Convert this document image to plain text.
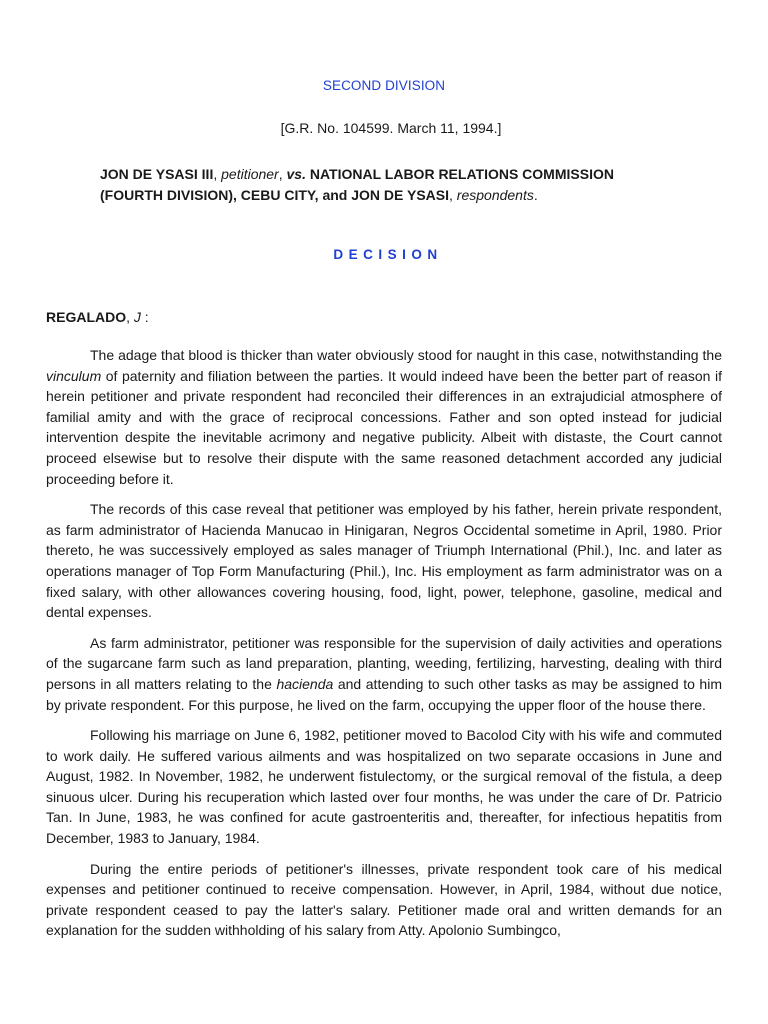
SECOND DIVISION
[G.R. No. 104599. March 11, 1994.]
JON DE YSASI III, petitioner, vs. NATIONAL LABOR RELATIONS COMMISSION (FOURTH DIVISION), CEBU CITY, and JON DE YSASI, respondents.
DECISION
REGALADO, J :

The adage that blood is thicker than water obviously stood for naught in this case, notwithstanding the vinculum of paternity and filiation between the parties. It would indeed have been the better part of reason if herein petitioner and private respondent had reconciled their differences in an extrajudicial atmosphere of familial amity and with the grace of reciprocal concessions. Father and son opted instead for judicial intervention despite the inevitable acrimony and negative publicity. Albeit with distaste, the Court cannot proceed elsewise but to resolve their dispute with the same reasoned detachment accorded any judicial proceeding before it.

The records of this case reveal that petitioner was employed by his father, herein private respondent, as farm administrator of Hacienda Manucao in Hinigaran, Negros Occidental sometime in April, 1980. Prior thereto, he was successively employed as sales manager of Triumph International (Phil.), Inc. and later as operations manager of Top Form Manufacturing (Phil.), Inc. His employment as farm administrator was on a fixed salary, with other allowances covering housing, food, light, power, telephone, gasoline, medical and dental expenses.

As farm administrator, petitioner was responsible for the supervision of daily activities and operations of the sugarcane farm such as land preparation, planting, weeding, fertilizing, harvesting, dealing with third persons in all matters relating to the hacienda and attending to such other tasks as may be assigned to him by private respondent. For this purpose, he lived on the farm, occupying the upper floor of the house there.

Following his marriage on June 6, 1982, petitioner moved to Bacolod City with his wife and commuted to work daily. He suffered various ailments and was hospitalized on two separate occasions in June and August, 1982. In November, 1982, he underwent fistulectomy, or the surgical removal of the fistula, a deep sinuous ulcer. During his recuperation which lasted over four months, he was under the care of Dr. Patricio Tan. In June, 1983, he was confined for acute gastroenteritis and, thereafter, for infectious hepatitis from December, 1983 to January, 1984.

During the entire periods of petitioner's illnesses, private respondent took care of his medical expenses and petitioner continued to receive compensation. However, in April, 1984, without due notice, private respondent ceased to pay the latter's salary. Petitioner made oral and written demands for an explanation for the sudden withholding of his salary from Atty. Apolonio Sumbingco,
